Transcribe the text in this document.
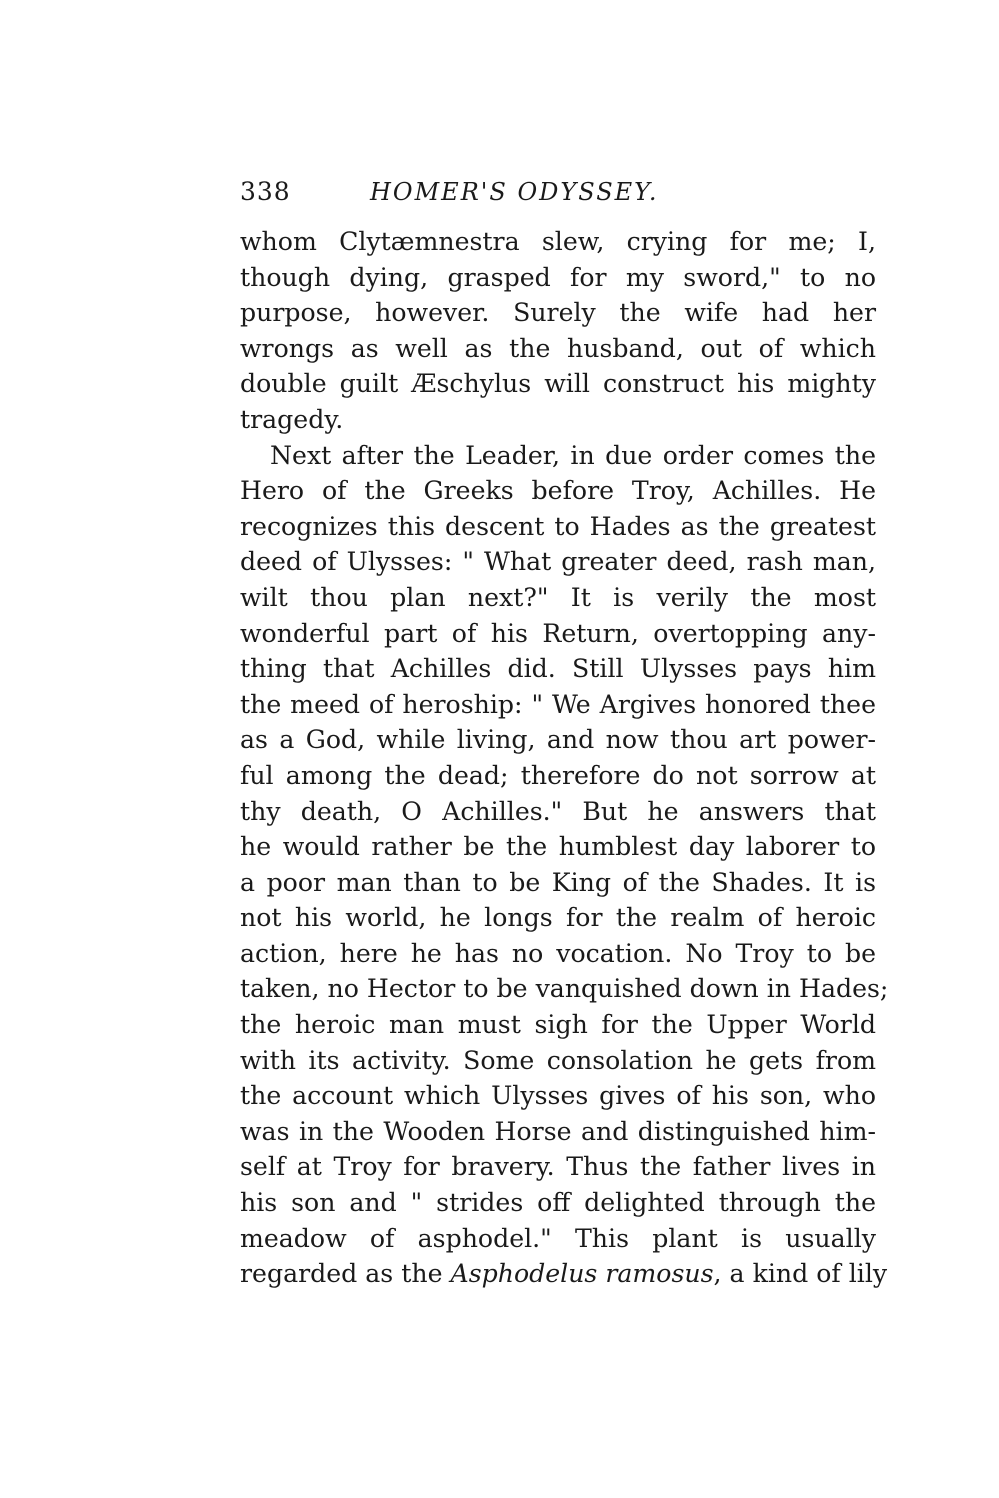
338	HOMER'S ODYSSEY.
whom Clytæmnestra slew, crying for me; I,
though dying, grasped for my sword," to no
purpose, however. Surely the wife had her
wrongs as well as the husband, out of which
double guilt Æschylus will construct his mighty
tragedy.
Next after the Leader, in due order comes the
Hero of the Greeks before Troy, Achilles. He
recognizes this descent to Hades as the greatest
deed of Ulysses: " What greater deed, rash man,
wilt thou plan next?" It is verily the most
wonderful part of his Return, overtopping any-
thing that Achilles did. Still Ulysses pays him
the meed of heroship: " We Argives honored thee
as a God, while living, and now thou art power-
ful among the dead; therefore do not sorrow at
thy death, O Achilles." But he answers that
he would rather be the humblest day laborer to
a poor man than to be King of the Shades. It is
not his world, he longs for the realm of heroic
action, here he has no vocation. No Troy to be
taken, no Hector to be vanquished down in Hades;
the heroic man must sigh for the Upper World
with its activity. Some consolation he gets from
the account which Ulysses gives of his son, who
was in the Wooden Horse and distinguished him-
self at Troy for bravery. Thus the father lives in
his son and " strides off delighted through the
meadow of asphodel." This plant is usually
regarded as the Asphodelus ramosus, a kind of lily
